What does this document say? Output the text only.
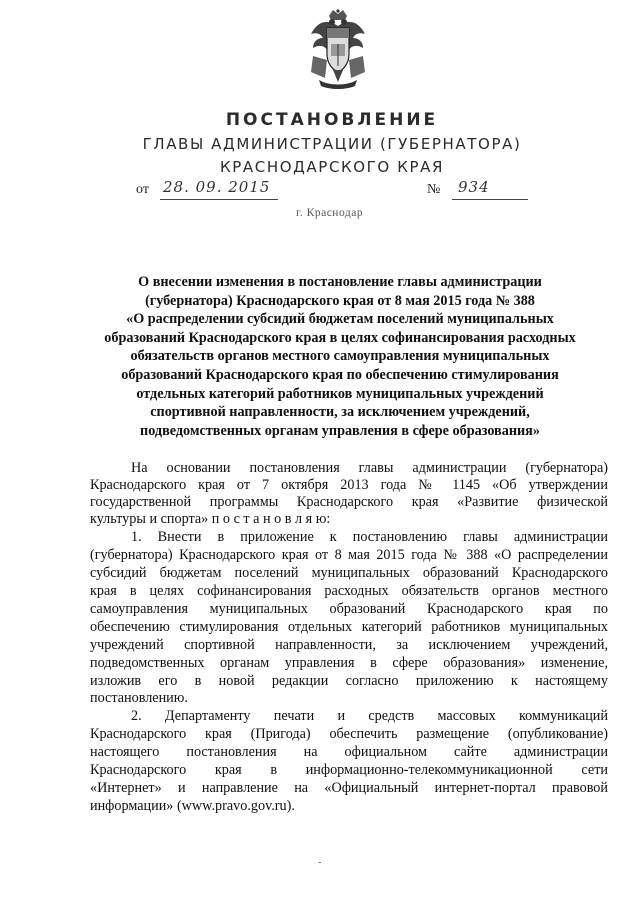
ПОСТАНОВЛЕНИЕ
ГЛАВЫ АДМИНИСТРАЦИИ (ГУБЕРНАТОРА)
КРАСНОДАРСКОГО КРАЯ
от 28. 09. 2015	№ 934
г. Краснодар
О внесении изменения в постановление главы администрации
(губернатора) Краснодарского края от 8 мая 2015 года № 388
«О распределении субсидий бюджетам поселений муниципальных
образований Краснодарского края в целях софинансирования расходных
обязательств органов местного самоуправления муниципальных
образований Краснодарского края по обеспечению стимулирования
отдельных категорий работников муниципальных учреждений
спортивной направленности, за исключением учреждений,
подведомственных органам управления в сфере образования»
На основании постановления главы администрации (губернатора)
Краснодарского края от 7 октября 2013 года № 1145 «Об утверждении
государственной программы Краснодарского края «Развитие физической
культуры и спорта» п о с т а н о в л я ю:
1. Внести в приложение к постановлению главы администрации
(губернатора) Краснодарского края от 8 мая 2015 года № 388 «О распределении
субсидий бюджетам поселений муниципальных образований Краснодарского
края в целях софинансирования расходных обязательств органов местного
самоуправления муниципальных образований Краснодарского края по
обеспечению стимулирования отдельных категорий работников муниципальных
учреждений спортивной направленности, за исключением учреждений,
подведомственных органам управления в сфере образования» изменение,
изложив его в новой редакции согласно приложению к настоящему
постановлению.
2. Департаменту печати и средств массовых коммуникаций
Краснодарского края (Пригода) обеспечить размещение (опубликование)
настоящего постановления на официальном сайте администрации
Краснодарского края в информационно-телекоммуникационной сети
«Интернет» и направление на «Официальный интернет-портал правовой
информации» (www.pravo.gov.ru).
-
